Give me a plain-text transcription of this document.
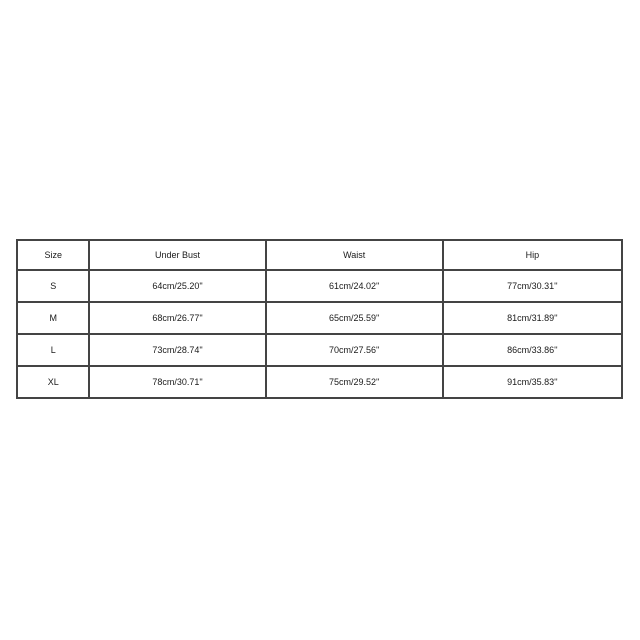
Size	Under Bust	Waist	Hip
S	64cm/25.20''	61cm/24.02''	77cm/30.31''
M	68cm/26.77''	65cm/25.59''	81cm/31.89''
L	73cm/28.74''	70cm/27.56''	86cm/33.86''
XL	78cm/30.71''	75cm/29.52''	91cm/35.83''
